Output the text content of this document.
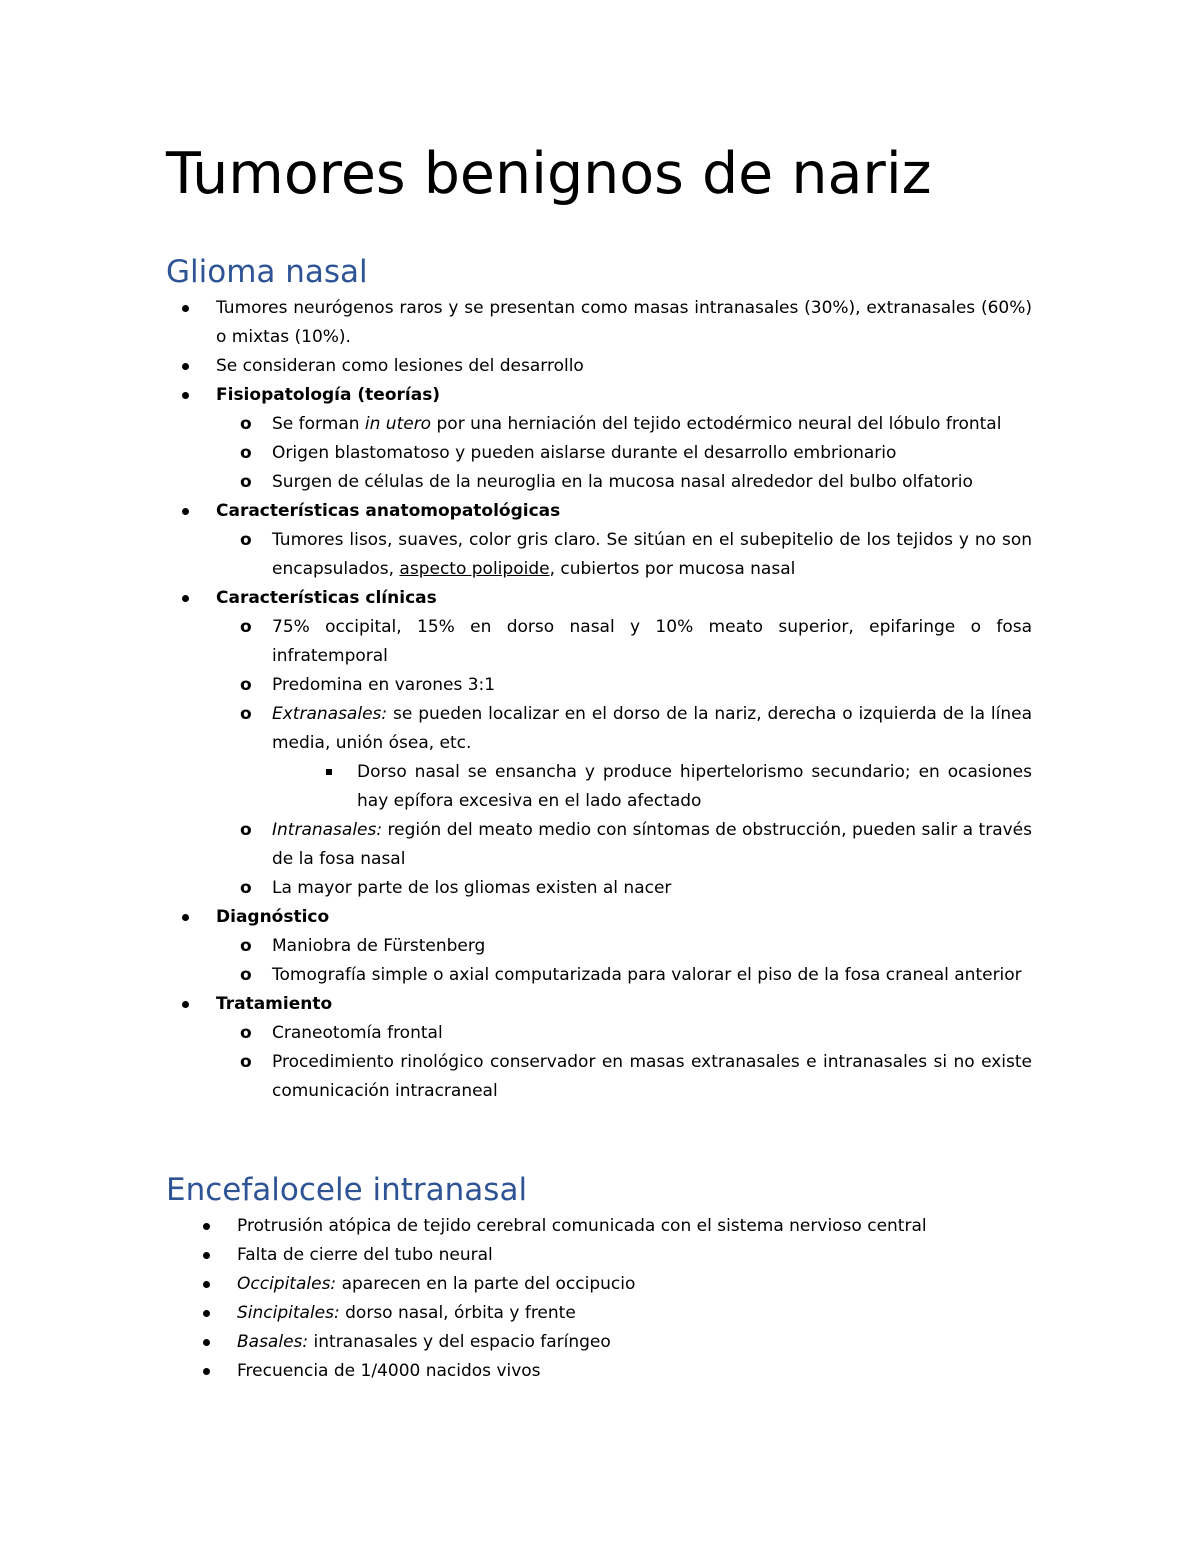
Tumores benignos de nariz
Glioma nasal
Tumores neurógenos raros y se presentan como masas intranasales (30%), extranasales (60%) o mixtas (10%).
Se consideran como lesiones del desarrollo
Fisiopatología (teorías)
o Se forman in utero por una herniación del tejido ectodérmico neural del lóbulo frontal
o Origen blastomatoso y pueden aislarse durante el desarrollo embrionario
o Surgen de células de la neuroglia en la mucosa nasal alrededor del bulbo olfatorio
Características anatomopatológicas
o Tumores lisos, suaves, color gris claro. Se sitúan en el subepitelio de los tejidos y no son encapsulados, aspecto polipoide, cubiertos por mucosa nasal
Características clínicas
o 75% occipital, 15% en dorso nasal y 10% meato superior, epifaringe o fosa infratemporal
o Predomina en varones 3:1
o Extranasales: se pueden localizar en el dorso de la nariz, derecha o izquierda de la línea media, unión ósea, etc.
Dorso nasal se ensancha y produce hipertelorismo secundario; en ocasiones hay epífora excesiva en el lado afectado
o Intranasales: región del meato medio con síntomas de obstrucción, pueden salir a través de la fosa nasal
o La mayor parte de los gliomas existen al nacer
Diagnóstico
o Maniobra de Fürstenberg
o Tomografía simple o axial computarizada para valorar el piso de la fosa craneal anterior
Tratamiento
o Craneotomía frontal
o Procedimiento rinológico conservador en masas extranasales e intranasales si no existe comunicación intracraneal
Encefalocele intranasal
Protrusión atópica de tejido cerebral comunicada con el sistema nervioso central
Falta de cierre del tubo neural
Occipitales: aparecen en la parte del occipucio
Sincipitales: dorso nasal, órbita y frente
Basales: intranasales y del espacio faríngeo
Frecuencia de 1/4000 nacidos vivos
